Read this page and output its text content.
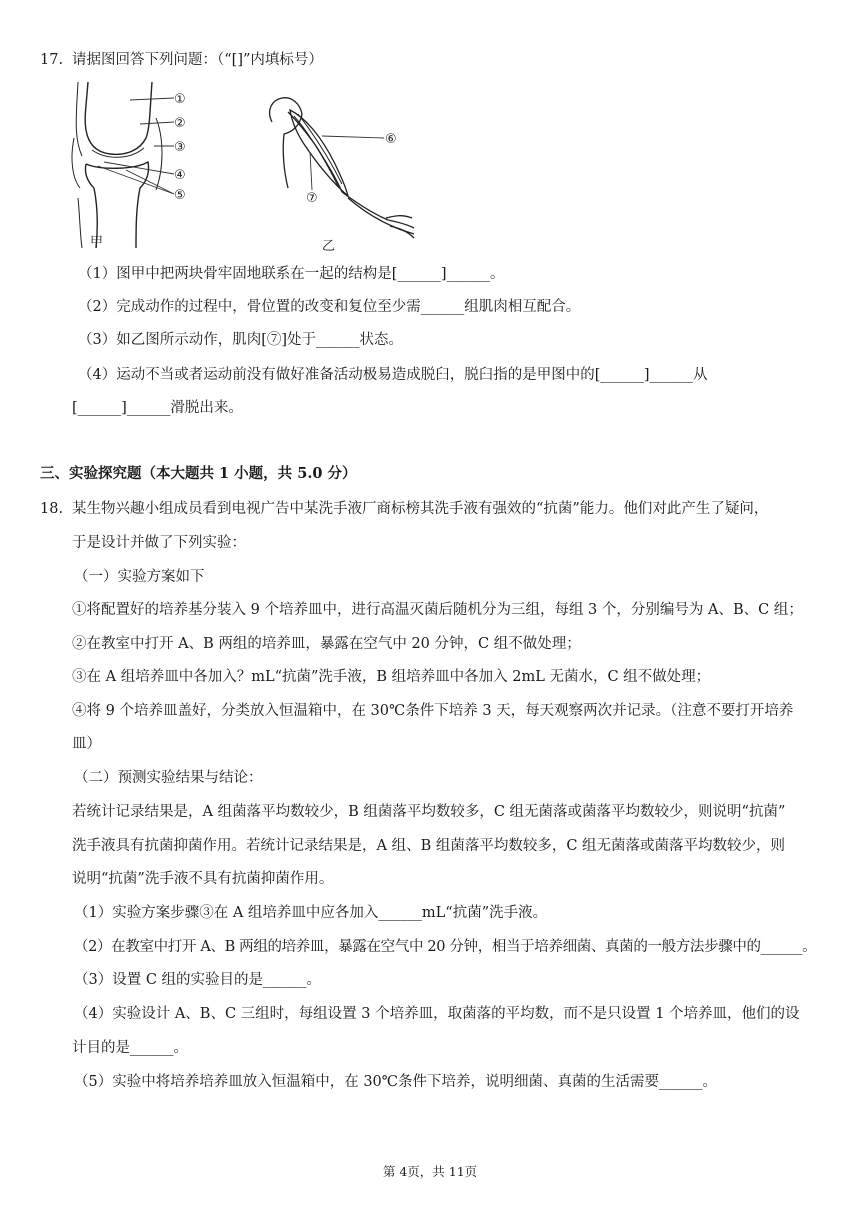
17. 请据图回答下列问题：（“[]”内填标号）
①
②
③
④
⑤
甲
⑥
⑦
乙
（1）图甲中把两块骨牢固地联系在一起的结构是[______]______。
（2）完成动作的过程中，骨位置的改变和复位至少需______组肌肉相互配合。
（3）如乙图所示动作，肌肉[⑦]处于______状态。
（4）运动不当或者运动前没有做好准备活动极易造成脱臼，脱臼指的是甲图中的[______]______从
[______]______滑脱出来。
三、实验探究题（本大题共 1 小题，共 5.0 分）
18. 某生物兴趣小组成员看到电视广告中某洗手液厂商标榜其洗手液有强效的“抗菌”能力。他们对此产生了疑问，
于是设计并做了下列实验：
（一）实验方案如下
①将配置好的培养基分装入 9 个培养皿中，进行高温灭菌后随机分为三组，每组 3 个，分别编号为 A、B、C 组；
②在教室中打开 A、B 两组的培养皿，暴露在空气中 20 分钟，C 组不做处理；
③在 A 组培养皿中各加入？mL“抗菌”洗手液，B 组培养皿中各加入 2mL 无菌水，C 组不做处理；
④将 9 个培养皿盖好，分类放入恒温箱中，在 30℃条件下培养 3 天，每天观察两次并记录。（注意不要打开培养
皿）
（二）预测实验结果与结论：
若统计记录结果是，A 组菌落平均数较少，B 组菌落平均数较多，C 组无菌落或菌落平均数较少，则说明“抗菌”
洗手液具有抗菌抑菌作用。若统计记录结果是，A 组、B 组菌落平均数较多，C 组无菌落或菌落平均数较少，则
说明“抗菌”洗手液不具有抗菌抑菌作用。
（1）实验方案步骤③在 A 组培养皿中应各加入______mL“抗菌”洗手液。
（2）在教室中打开 A、B 两组的培养皿，暴露在空气中 20 分钟，相当于培养细菌、真菌的一般方法步骤中的______。
（3）设置 C 组的实验目的是______。
（4）实验设计 A、B、C 三组时，每组设置 3 个培养皿，取菌落的平均数，而不是只设置 1 个培养皿，他们的设
计目的是______。
（5）实验中将培养培养皿放入恒温箱中，在 30℃条件下培养，说明细菌、真菌的生活需要______。
第 4页，共 11页
